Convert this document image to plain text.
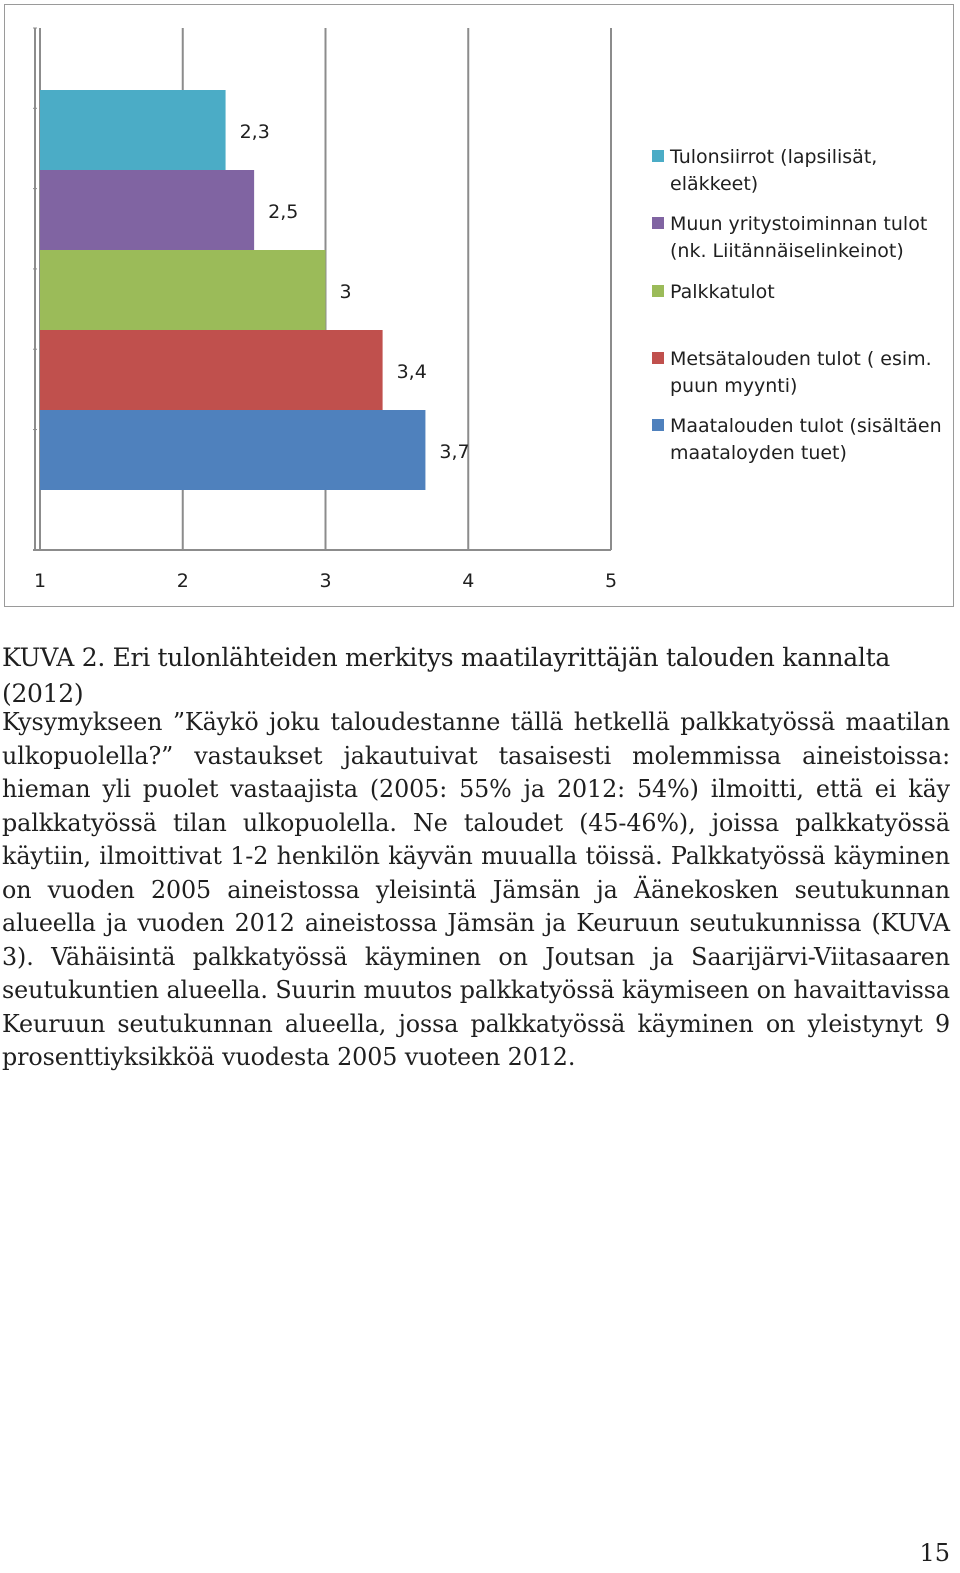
3,7
3,4
3
2,5
2,3
1	2	3	4	5
Tulonsiirrot (lapsilisät,
eläkkeet)
Muun yritystoiminnan tulot
(nk. Liitännäiselinkeinot)
Palkkatulot
Metsätalouden tulot ( esim.
puun myynti)
Maatalouden tulot (sisältäen
maataloyden tuet)
KUVA 2. Eri tulonlähteiden merkitys maatilayrittäjän talouden kannalta (2012)

Kysymykseen ”Käykö joku taloudestanne tällä hetkellä palkkatyössä maatilan ulkopuolella?” vastaukset jakautuivat tasaisesti molemmissa aineistoissa: hieman yli puolet vastaajista (2005: 55% ja 2012: 54%) ilmoitti, että ei käy palkkatyössä tilan ulkopuolella. Ne taloudet (45-46%), joissa palkkatyössä käytiin, ilmoittivat 1-2 henkilön käyvän muualla töissä. Palkkatyössä käyminen on vuoden 2005 aineistossa yleisintä Jämsän ja Äänekosken seutukunnan alueella ja vuoden 2012 aineistossa Jämsän ja Keuruun seutukunnissa (KUVA 3). Vähäisintä palkkatyössä käyminen on Joutsan ja Saarijärvi-Viitasaaren seutukuntien alueella. Suurin muutos palkkatyössä käymiseen on havaittavissa Keuruun seutukunnan alueella, jossa palkkatyössä käyminen on yleistynyt 9 prosenttiyksikköä vuodesta 2005 vuoteen 2012.

15
